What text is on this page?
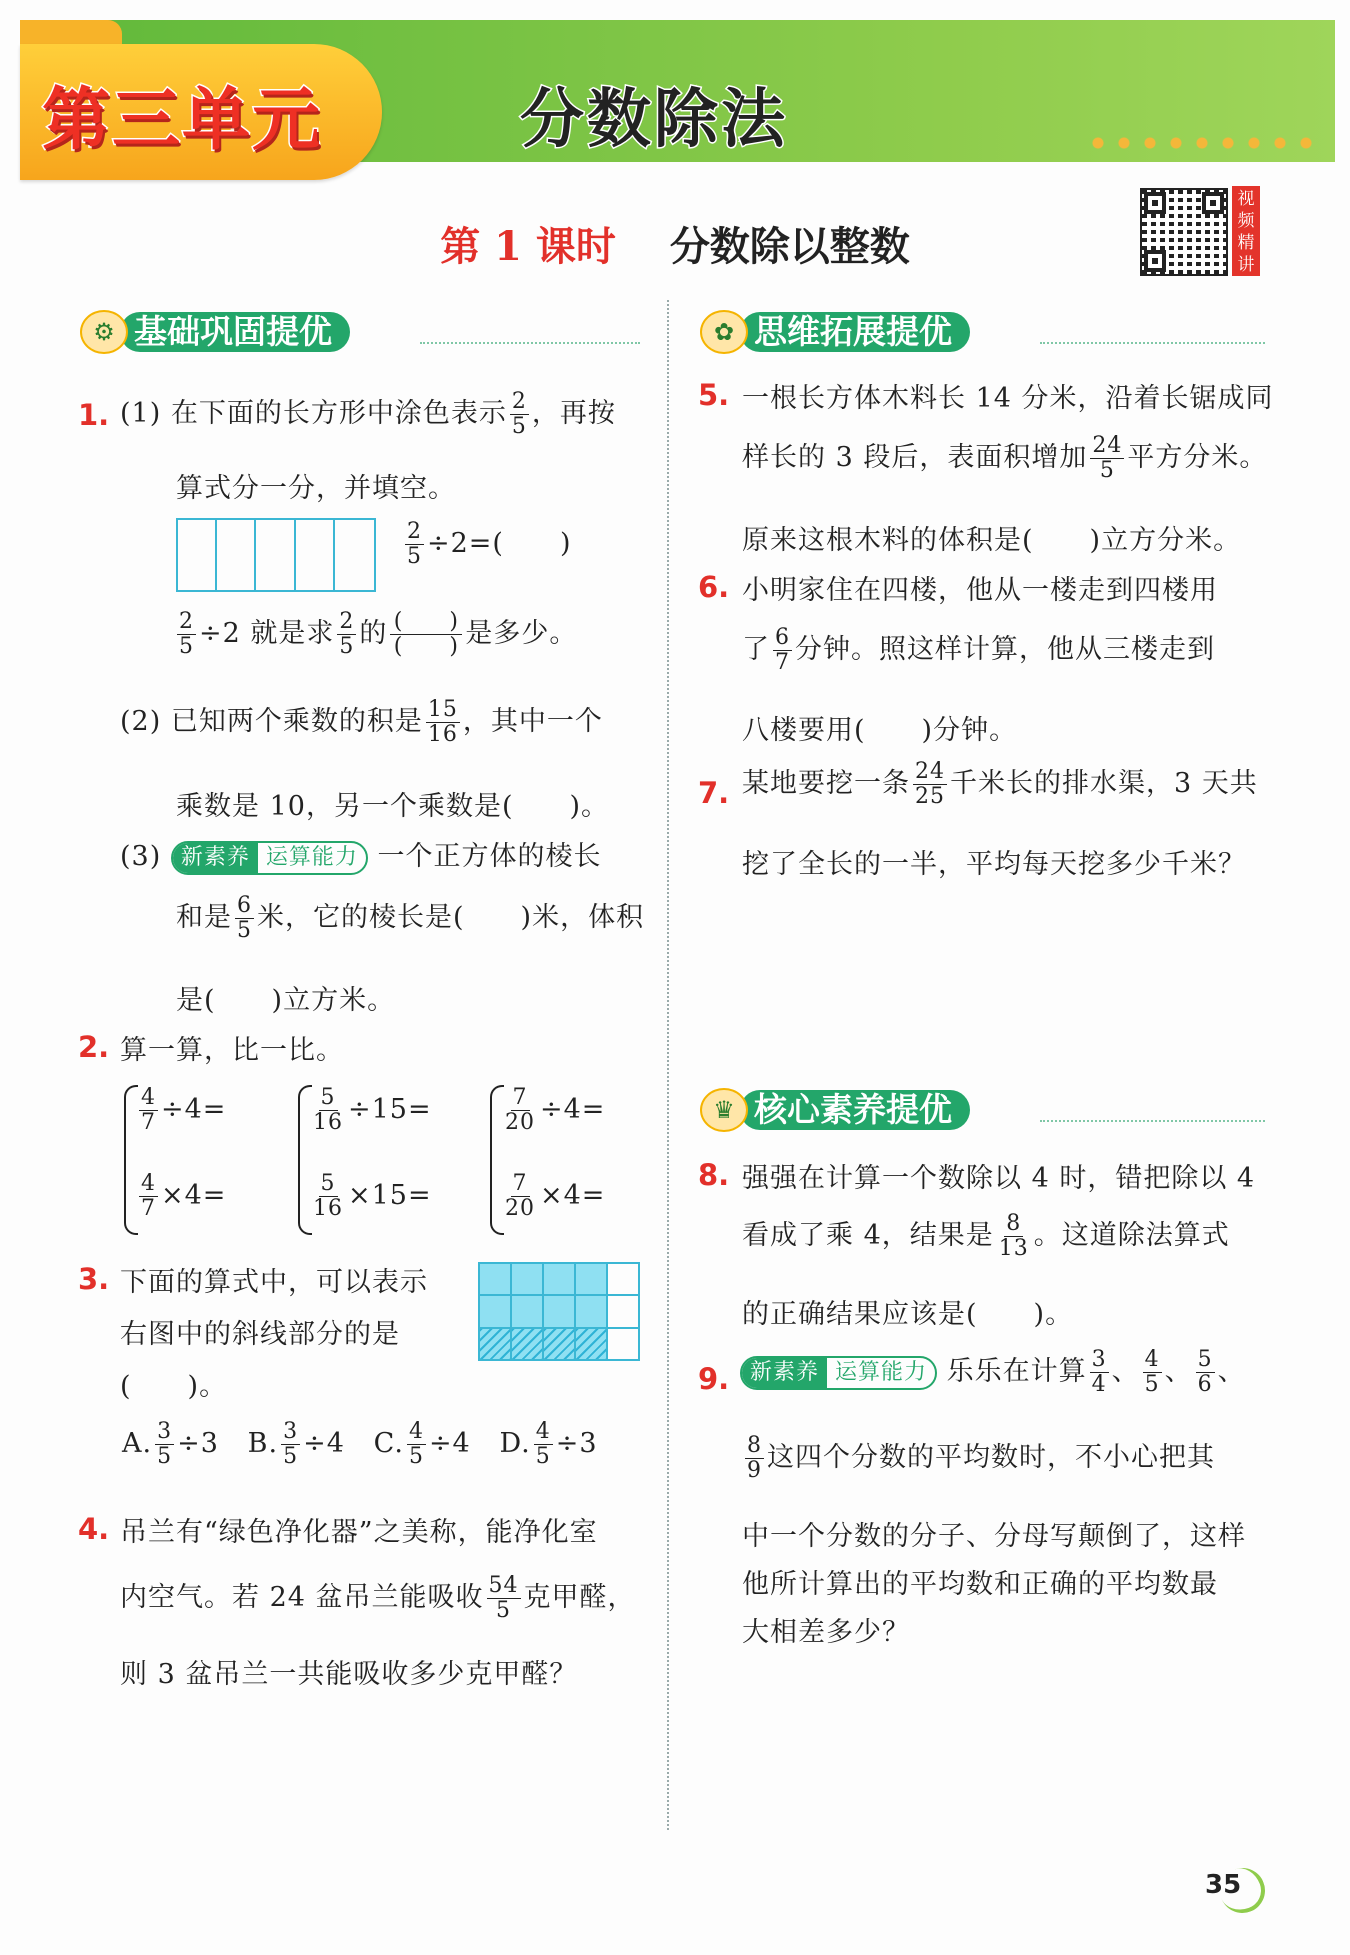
第三单元	分数除法
第 1 课时 分数除以整数
视频精讲
基础巩固提优
⚙
1. (1) 在下面的长方形中涂色表示 $\frac{2}{5}$ ，再按
算式分一分，并填空。
$\frac{2}{5} \div 2=$(　　)
$\frac{2}{5} \div 2$ 就是求 $\frac{2}{5}$ 的 (　　)
(　　) 是多少。
(2) 已知两个乘数的积是 $\frac{15}{16}$ ，其中一个
乘数是 10，另一个乘数是(　　)。
(3) 新素养 运算能力 一个正方体的棱长
和是 $\frac{6}{5}$ 米，它的棱长是(　　)米，体积
是(　　)立方米。
2. 算一算，比一比。
$\frac{4}{7} \div 4=$
$\frac{4}{7} \times 4=$
$\frac{5}{16} \div 15=$
$\frac{5}{16} \times 15=$
$\frac{7}{20} \div 4=$
$\frac{7}{20} \times 4=$
3. 下面的算式中，可以表示
右图中的斜线部分的是
(　　)。
A. $\frac{3}{5} \div 3$ B. $\frac{3}{5} \div 4$ C. $\frac{4}{5} \div 4$ D. $\frac{4}{5} \div 3$
4. 吊兰有“绿色净化器”之美称，能净化室
内空气。若 24 盆吊兰能吸收 $\frac{54}{5}$ 克甲醛，
则 3 盆吊兰一共能吸收多少克甲醛？
思维拓展提优
✿
5. 一根长方体木料长 14 分米，沿着长锯成同
样长的 3 段后，表面积增加 $\frac{24}{5}$ 平方分米。
原来这根木料的体积是(　　)立方分米。
6. 小明家住在四楼，他从一楼走到四楼用
了 $\frac{6}{7}$ 分钟。照这样计算，他从三楼走到
八楼要用(　　)分钟。
7. 某地要挖一条 $\frac{24}{25}$ 千米长的排水渠，3 天共
挖了全长的一半，平均每天挖多少千米？
核心素养提优
♛
8. 强强在计算一个数除以 4 时，错把除以 4
看成了乘 4，结果是 $\frac{8}{13}$ 。这道除法算式
的正确结果应该是(　　)。
9. 新素养 运算能力 乐乐在计算 $\frac{3}{4}$ 、 $\frac{4}{5}$ 、 $\frac{5}{6}$ 、
$\frac{8}{9}$ 这四个分数的平均数时，不小心把其
中一个分数的分子、分母写颠倒了，这样
他所计算出的平均数和正确的平均数最
大相差多少？
35
